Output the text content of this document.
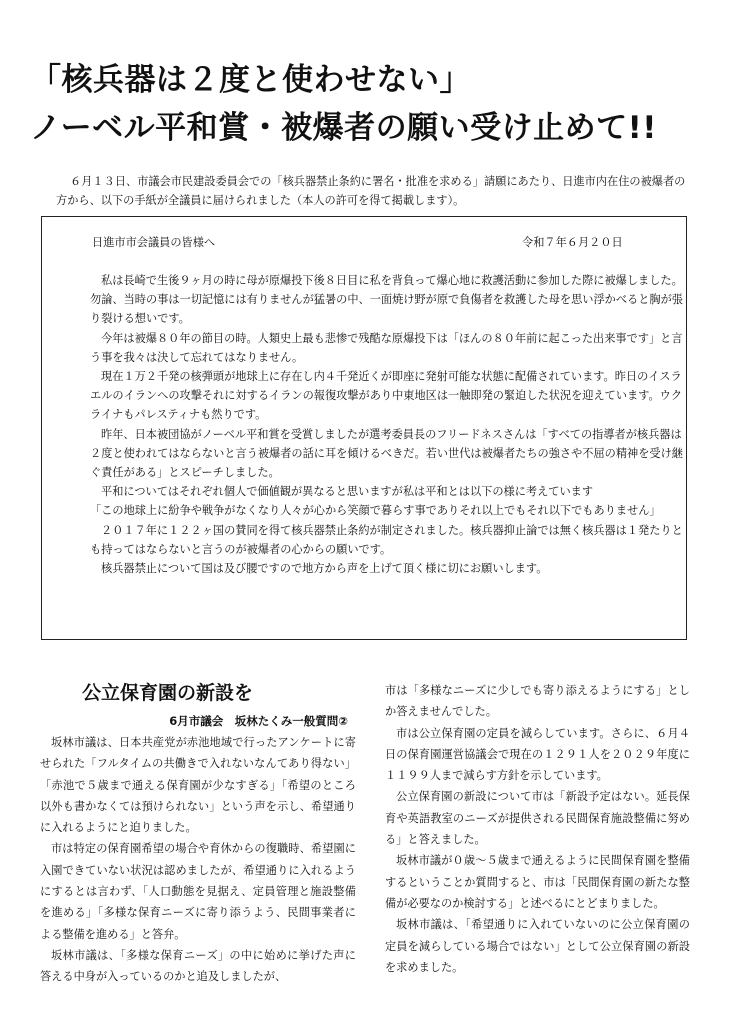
「核兵器は２度と使わせない」
ノーベル平和賞・被爆者の願い受け止めて!!
６月１３日、市議会市民建設委員会での「核兵器禁止条約に署名・批准を求める」請願にあたり、日進市内在住の被爆者の方から、以下の手紙が全議員に届けられました（本人の許可を得て掲載します）。
日進市市会議員の皆様へ	令和７年６月２０日

私は長崎で生後９ヶ月の時に母が原爆投下後８日目に私を背負って爆心地に救護活動に参加した際に被爆しました。勿論、当時の事は一切記憶には有りませんが猛暑の中、一面焼け野が原で負傷者を救護した母を思い浮かべると胸が張り裂ける想いです。

今年は被爆８０年の節目の時。人類史上最も悲惨で残酷な原爆投下は「ほんの８０年前に起こった出来事です」と言う事を我々は決して忘れてはなりません。

現在１万２千発の核弾頭が地球上に存在し内４千発近くが即座に発射可能な状態に配備されています。昨日のイスラエルのイランへの攻撃それに対するイランの報復攻撃があり中東地区は一触即発の緊迫した状況を迎えています。ウクライナもパレスティナも然りです。

昨年、日本被団協がノーベル平和賞を受賞しましたが選考委員長のフリードネスさんは「すべての指導者が核兵器は２度と使われてはならないと言う被爆者の話に耳を傾けるべきだ。若い世代は被爆者たちの強さや不屈の精神を受け継ぐ責任がある」とスピーチしました。

平和についてはそれぞれ個人で価値観が異なると思いますが私は平和とは以下の様に考えています

「この地球上に紛争や戦争がなくなり人々が心から笑顔で暮らす事でありそれ以上でもそれ以下でもありません」

２０１７年に１２２ヶ国の賛同を得て核兵器禁止条約が制定されました。核兵器抑止論では無く核兵器は１発たりとも持ってはならないと言うのが被爆者の心からの願いです。

核兵器禁止について国は及び腰ですので地方から声を上げて頂く様に切にお願いします。

公立保育園の新設を
6月市議会　坂林たくみ一般質問②

坂林市議は、日本共産党が赤池地域で行ったアンケートに寄せられた「フルタイムの共働きで入れないなんてあり得ない」「赤池で５歳まで通える保育園が少なすぎる」「希望のところ以外も書かなくては預けられない」という声を示し、希望通りに入れるようにと迫りました。

市は特定の保育園希望の場合や育休からの復職時、希望園に入園できていない状況は認めましたが、希望通りに入れるようにするとは言わず、「人口動態を見据え、定員管理と施設整備を進める」「多様な保育ニーズに寄り添うよう、民間事業者による整備を進める」と答弁。

坂林市議は、「多様な保育ニーズ」の中に始めに挙げた声に答える中身が入っているのかと追及しましたが、

市は「多様なニーズに少しでも寄り添えるようにする」としか答えませんでした。

市は公立保育園の定員を減らしています。さらに、６月４日の保育園運営協議会で現在の１２９１人を２０２９年度に１１９９人まで減らす方針を示しています。

公立保育園の新設について市は「新設予定はない。延長保育や英語教室のニーズが提供される民間保育施設整備に努める」と答えました。

坂林市議が０歳～５歳まで通えるように民間保育園を整備するということか質問すると、市は「民間保育園の新たな整備が必要なのか検討する」と述べるにとどまりました。

坂林市議は、「希望通りに入れていないのに公立保育園の定員を減らしている場合ではない」として公立保育園の新設を求めました。
